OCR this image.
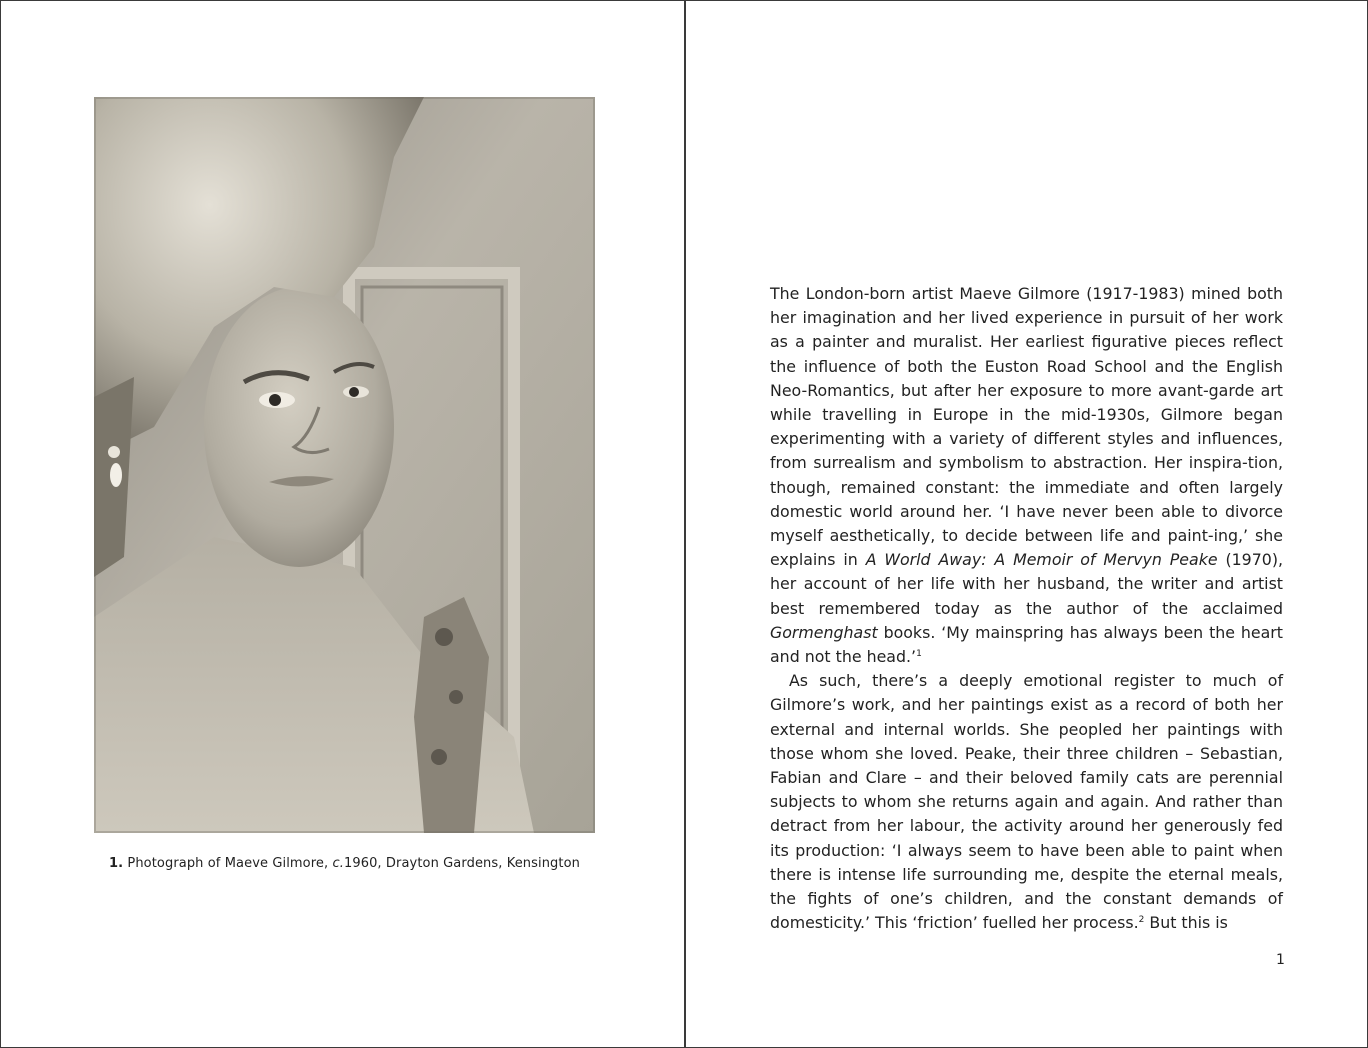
1. Photograph of Maeve Gilmore, c.1960, Drayton Gardens, Kensington

The London-born artist Maeve Gilmore (1917-1983) mined both her imagination and her lived experience in pursuit of her work as a painter and muralist. Her earliest figurative pieces reflect the influence of both the Euston Road School and the English Neo-Romantics, but after her exposure to more avant-garde art while travelling in Europe in the mid-1930s, Gilmore began experimenting with a variety of different styles and influences, from surrealism and symbolism to abstraction. Her inspira-tion, though, remained constant: the immediate and often largely domestic world around her. ‘I have never been able to divorce myself aesthetically, to decide between life and paint-ing,’ she explains in A World Away: A Memoir of Mervyn Peake (1970), her account of her life with her husband, the writer and artist best remembered today as the author of the acclaimed Gormenghast books. ‘My mainspring has always been the heart and not the head.’$^1$

As such, there’s a deeply emotional register to much of Gilmore’s work, and her paintings exist as a record of both her external and internal worlds. She peopled her paintings with those whom she loved. Peake, their three children – Sebastian, Fabian and Clare – and their beloved family cats are perennial subjects to whom she returns again and again. And rather than detract from her labour, the activity around her generously fed its production: ‘I always seem to have been able to paint when there is intense life surrounding me, despite the eternal meals, the fights of one’s children, and the constant demands of domesticity.’ This ‘friction’ fuelled her process.$^2$ But this is

1
